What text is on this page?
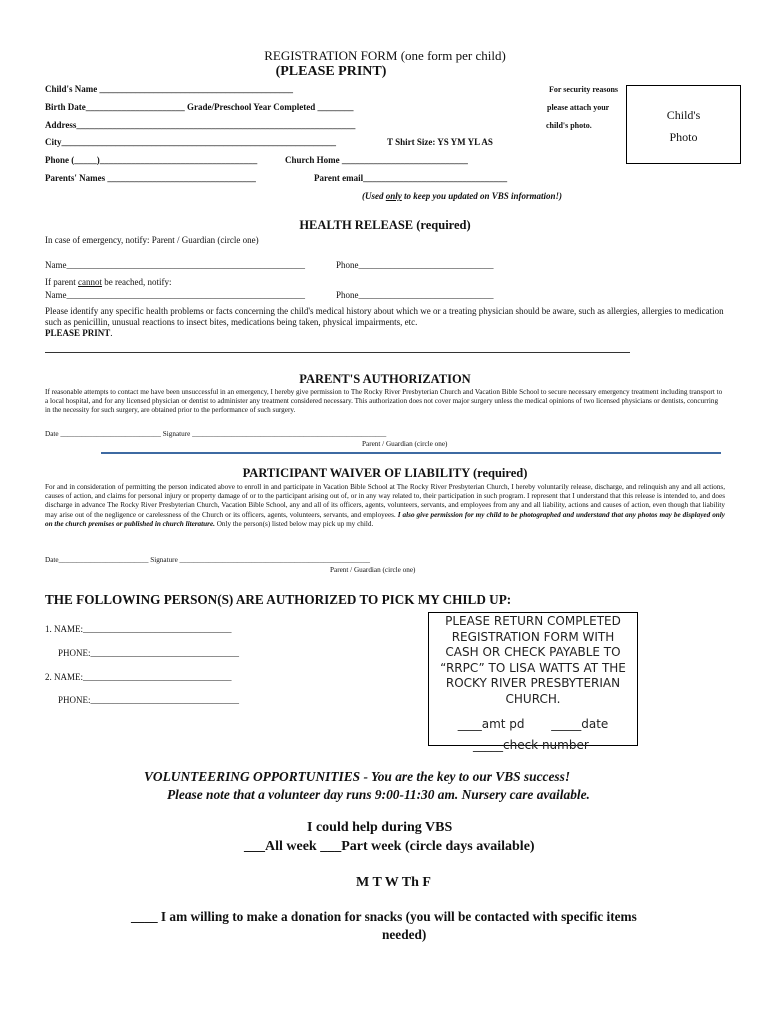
REGISTRATION FORM (one form per child)
(PLEASE PRINT)
Child's Name ___________________________________________
Birth Date______________________ Grade/Preschool Year Completed ________
Address______________________________________________________________
City_____________________________________________________________	T Shirt Size: YS YM YL AS
Phone (_____)___________________________________	Church Home ____________________________
Parents' Names _________________________________	Parent email________________________________
(Used only to keep you updated on VBS information!)
For security reasons
please attach your
child's photo.
Child's
Photo
HEALTH RELEASE (required)
In case of emergency, notify: Parent / Guardian (circle one)
Name_____________________________________________________	Phone______________________________
If parent cannot be reached, notify:
Name_____________________________________________________	Phone______________________________
Please identify any specific health problems or facts concerning the child's medical history about which we or a treating physician should be aware, such as allergies, allergies to medication such as penicillin, unusual reactions to insect bites, medications being taken, physical impairments, etc.
PLEASE PRINT.
PARENT'S AUTHORIZATION
If reasonable attempts to contact me have been unsuccessful in an emergency, I hereby give permission to The Rocky River Presbyterian Church and Vacation Bible School to secure necessary emergency treatment including transport to a local hospital, and for any licensed physician or dentist to administer any treatment considered necessary. This authorization does not cover major surgery unless the medical opinions of two licensed physicians or dentists, concurring in the necessity for such surgery, are obtained prior to the performance of such surgery.
Date ____________________________ Signature ______________________________________________________
Parent / Guardian (circle one)
PARTICIPANT WAIVER OF LIABILITY (required)
For and in consideration of permitting the person indicated above to enroll in and participate in Vacation Bible School at The Rocky River Presbyterian Church, I hereby voluntarily release, discharge, and relinquish any and all actions, causes of action, and claims for personal injury or property damage of or to the participant arising out of, or in any way related to, their participation in such program. I represent that I understand that this release is intended to, and does discharge in advance The Rocky River Presbyterian Church, Vacation Bible School, any and all of its officers, agents, volunteers, servants, and employees from any and all liability, actions and causes of action, even though that liability may arise out of the negligence or carelessness of the Church or its officers, agents, volunteers, servants, and employees. I also give permission for my child to be photographed and understand that any photos may be displayed only on the church premises or published in church literature. Only the person(s) listed below may pick up my child.
Date_________________________ Signature _____________________________________________________
Parent / Guardian (circle one)
THE FOLLOWING PERSON(S) ARE AUTHORIZED TO PICK MY CHILD UP:
1. NAME:_________________________________
PHONE:_________________________________
2. NAME:_________________________________
PHONE:_________________________________
PLEASE RETURN COMPLETED
REGISTRATION FORM WITH
CASH OR CHECK PAYABLE TO
“RRPC” TO LISA WATTS AT THE
ROCKY RIVER PRESBYTERIAN
CHURCH.
____amt pd _____date
_____check number
VOLUNTEERING OPPORTUNITIES - You are the key to our VBS success!
Please note that a volunteer day runs 9:00-11:30 am. Nursery care available.
I could help during VBS
___All week ___Part week (circle days available)
M T W Th F
____ I am willing to make a donation for snacks (you will be contacted with specific items
needed)
